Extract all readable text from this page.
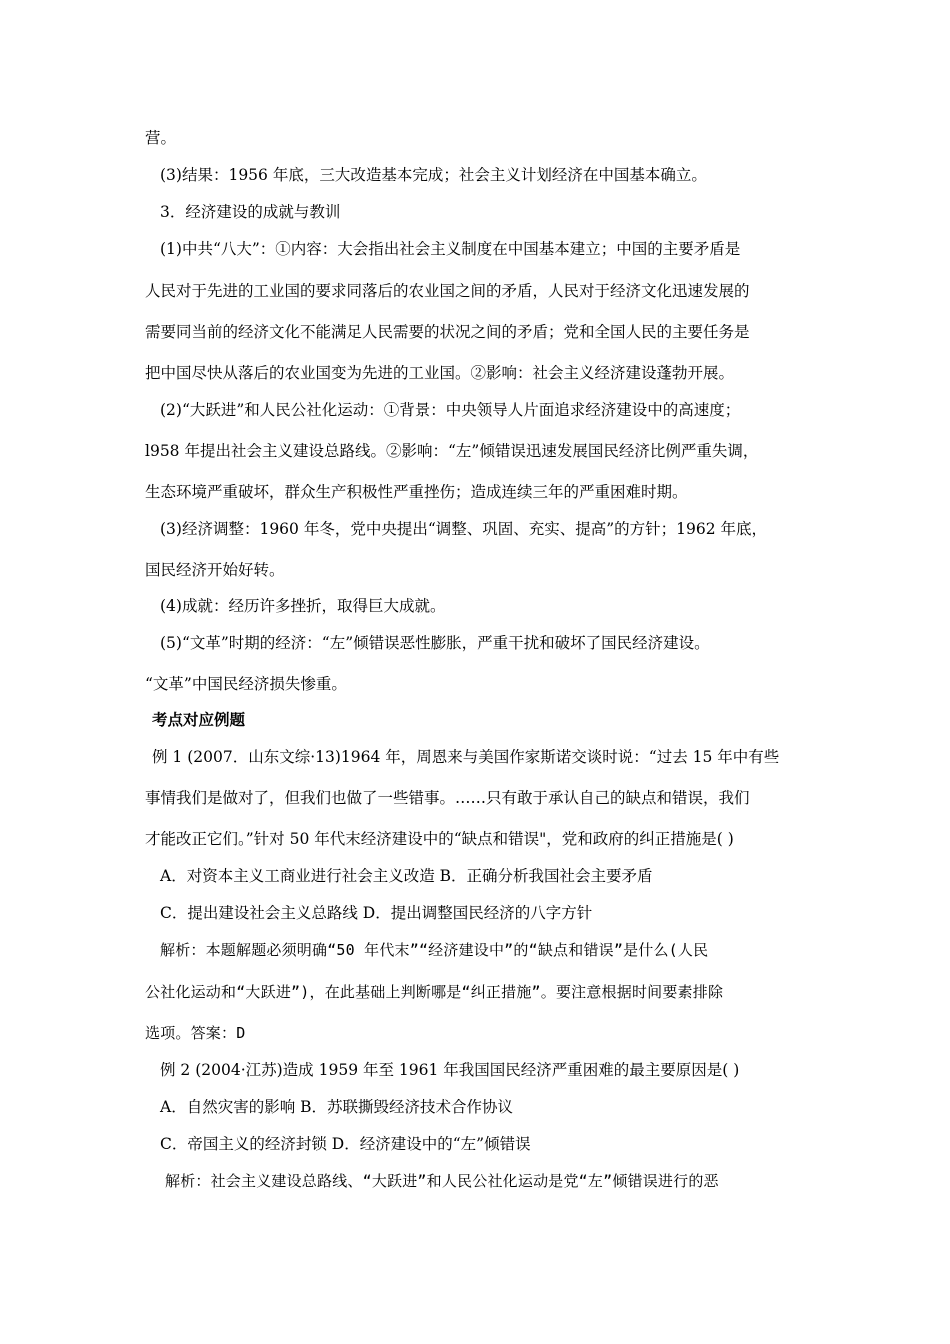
营。
(3)结果：1956 年底，三大改造基本完成；社会主义计划经济在中国基本确立。
3．经济建设的成就与教训
(1)中共“八大”：①内容：大会指出社会主义制度在中国基本建立；中国的主要矛盾是
人民对于先进的工业国的要求同落后的农业国之间的矛盾，人民对于经济文化迅速发展的
需要同当前的经济文化不能满足人民需要的状况之间的矛盾；党和全国人民的主要任务是
把中国尽快从落后的农业国变为先进的工业国。②影响：社会主义经济建设蓬勃开展。
(2)“大跃进”和人民公社化运动：①背景：中央领导人片面追求经济建设中的高速度；
l958 年提出社会主义建设总路线。②影响：“左”倾错误迅速发展国民经济比例严重失调，
生态环境严重破坏，群众生产积极性严重挫伤；造成连续三年的严重困难时期。
(3)经济调整：1960 年冬，党中央提出“调整、巩固、充实、提高”的方针；1962 年底，
国民经济开始好转。
(4)成就：经历许多挫折，取得巨大成就。
(5)“文革”时期的经济：“左”倾错误恶性膨胀，严重干扰和破坏了国民经济建设。
“文革”中国民经济损失惨重。
考点对应例题
例 1 (2007．山东文综·13)1964 年，周恩来与美国作家斯诺交谈时说：“过去 15 年中有些
事情我们是做对了，但我们也做了一些错事。……只有敢于承认自己的缺点和错误，我们
才能改正它们。”针对 50 年代末经济建设中的“缺点和错误"，党和政府的纠正措施是( )
A．对资本主义工商业进行社会主义改造 B．正确分析我国社会主要矛盾
C．提出建设社会主义总路线 D．提出调整国民经济的八字方针
解析：本题解题必须明确“50 年代末”“经济建设中”的“缺点和错误”是什么(人民
公社化运动和“大跃进”)，在此基础上判断哪是“纠正措施”。要注意根据时间要素排除
选项。答案：D
例 2 (2004·江苏)造成 1959 年至 1961 年我国国民经济严重困难的最主要原因是( )
A．自然灾害的影响 B．苏联撕毁经济技术合作协议
C．帝国主义的经济封锁 D．经济建设中的“左”倾错误
解析：社会主义建设总路线、“大跃进”和人民公社化运动是党“左”倾错误进行的恶
